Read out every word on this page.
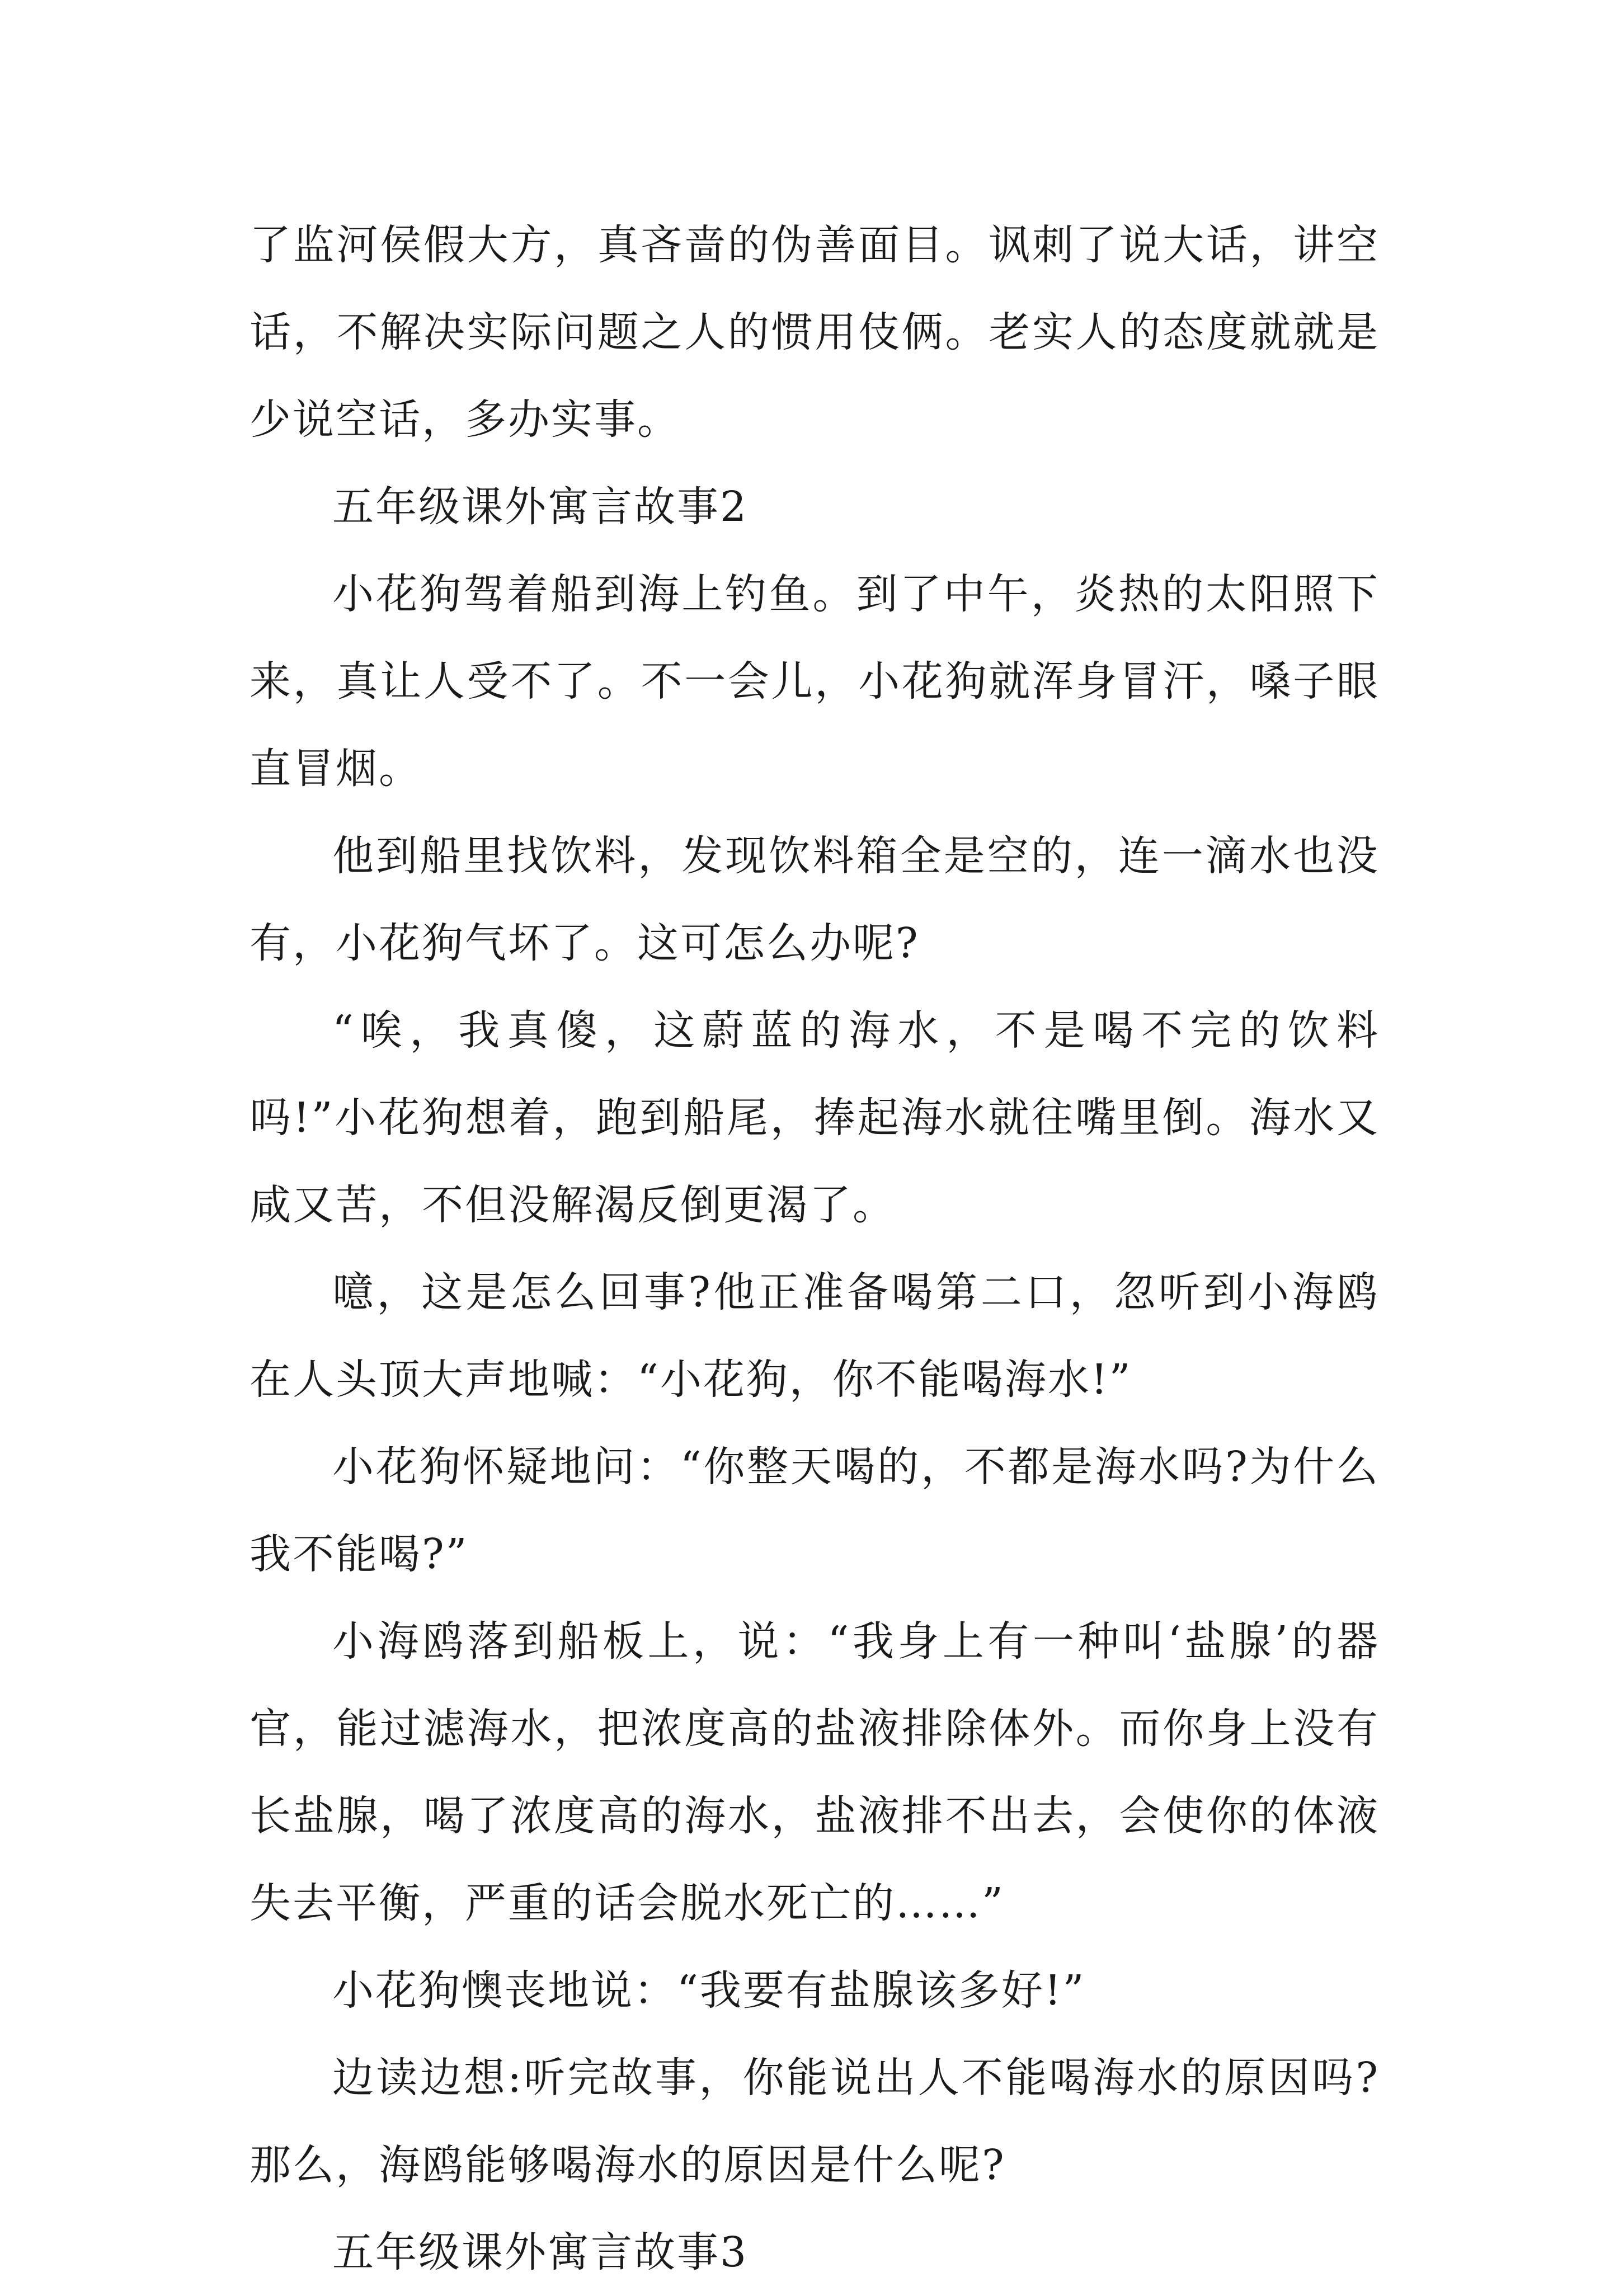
了监河侯假大方，真吝啬的伪善面目。讽刺了说大话，讲空话，不解决实际问题之人的惯用伎俩。老实人的态度就就是少说空话，多办实事。

五年级课外寓言故事2

小花狗驾着船到海上钓鱼。到了中午，炎热的太阳照下来，真让人受不了。不一会儿，小花狗就浑身冒汗，嗓子眼直冒烟。

他到船里找饮料，发现饮料箱全是空的，连一滴水也没有，小花狗气坏了。这可怎么办呢?

“唉，我真傻，这蔚蓝的海水，不是喝不完的饮料吗!”小花狗想着，跑到船尾，捧起海水就往嘴里倒。海水又咸又苦，不但没解渴反倒更渴了。

噫，这是怎么回事?他正准备喝第二口，忽听到小海鸥在人头顶大声地喊：“小花狗，你不能喝海水!”

小花狗怀疑地问：“你整天喝的，不都是海水吗?为什么我不能喝?”

小海鸥落到船板上，说：“我身上有一种叫‘盐腺’的器官，能过滤海水，把浓度高的盐液排除体外。而你身上没有长盐腺，喝了浓度高的海水，盐液排不出去，会使你的体液失去平衡，严重的话会脱水死亡的……”

小花狗懊丧地说：“我要有盐腺该多好!”

边读边想:听完故事，你能说出人不能喝海水的原因吗?那么，海鸥能够喝海水的原因是什么呢?

五年级课外寓言故事3
